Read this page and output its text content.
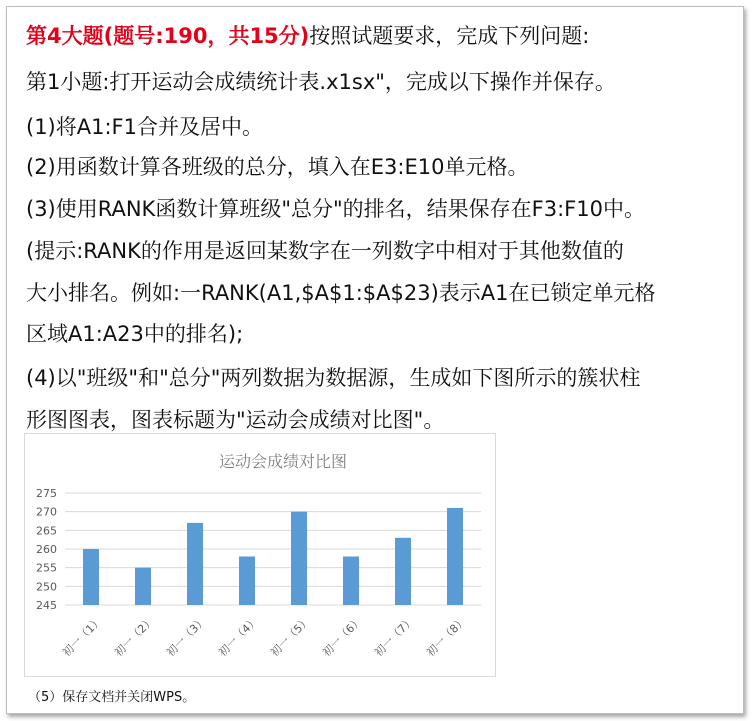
第4大题(题号:190，共15分)按照试题要求，完成下列问题:
第1小题:打开运动会成绩统计表.x1sx"，完成以下操作并保存。
(1)将A1:F1合并及居中。
(2)用函数计算各班级的总分，填入在E3:E10单元格。
(3)使用RANK函数计算班级"总分"的排名，结果保存在F3:F10中。
(提示:RANK的作用是返回某数字在一列数字中相对于其他数值的
大小排名。例如:一RANK(A1,$A$1:$A$23)表示A1在已锁定单元格
区域A1:A23中的排名);
(4)以"班级"和"总分"两列数据为数据源，生成如下图所示的簇状柱
形图图表，图表标题为"运动会成绩对比图"。
运动会成绩对比图
245
250
255
260
265
270
275
初一（1） 初一（2） 初一（3） 初一（4） 初一（5） 初一（6） 初一（7） 初一（8）
（5）保存文档并关闭WPS。
